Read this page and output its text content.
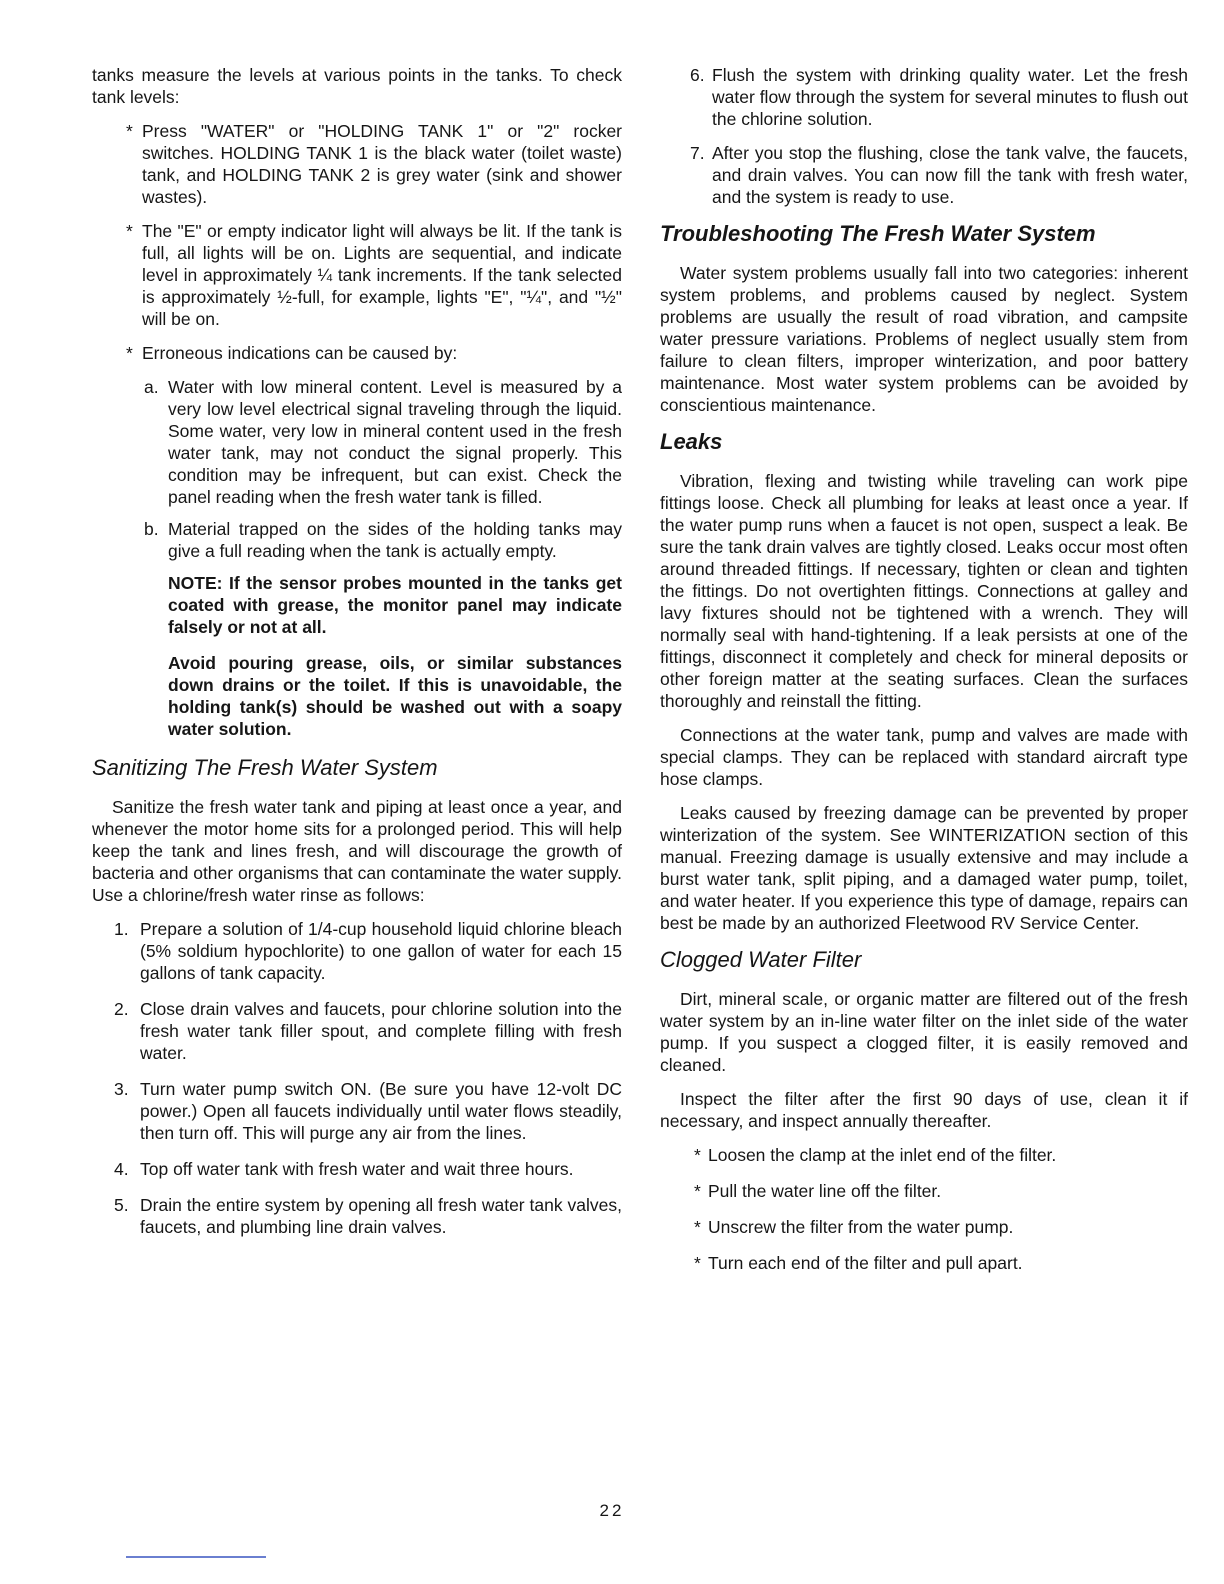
tanks measure the levels at various points in the tanks. To check tank levels:

* Press "WATER" or "HOLDING TANK 1" or "2" rocker switches. HOLDING TANK 1 is the black water (toilet waste) tank, and HOLDING TANK 2 is grey water (sink and shower wastes).
* The "E" or empty indicator light will always be lit. If the tank is full, all lights will be on. Lights are sequential, and indicate level in approximately ¼ tank increments. If the tank selected is approximately ½-full, for example, lights "E", "¼", and "½" will be on.
* Erroneous indications can be caused by:
a. Water with low mineral content. Level is measured by a very low level electrical signal traveling through the liquid. Some water, very low in mineral content used in the fresh water tank, may not conduct the signal properly. This condition may be infrequent, but can exist. Check the panel reading when the fresh water tank is filled.
b. Material trapped on the sides of the holding tanks may give a full reading when the tank is actually empty.

NOTE: If the sensor probes mounted in the tanks get coated with grease, the monitor panel may indicate falsely or not at all.

Avoid pouring grease, oils, or similar substances down drains or the toilet. If this is unavoidable, the holding tank(s) should be washed out with a soapy water solution.

Sanitizing The Fresh Water System

Sanitize the fresh water tank and piping at least once a year, and whenever the motor home sits for a prolonged period. This will help keep the tank and lines fresh, and will discourage the growth of bacteria and other organisms that can contaminate the water supply. Use a chlorine/fresh water rinse as follows:

1. Prepare a solution of 1/4-cup household liquid chlorine bleach (5% soldium hypochlorite) to one gallon of water for each 15 gallons of tank capacity.
2. Close drain valves and faucets, pour chlorine solution into the fresh water tank filler spout, and complete filling with fresh water.
3. Turn water pump switch ON. (Be sure you have 12-volt DC power.) Open all faucets individually until water flows steadily, then turn off. This will purge any air from the lines.
4. Top off water tank with fresh water and wait three hours.
5. Drain the entire system by opening all fresh water tank valves, faucets, and plumbing line drain valves.
6. Flush the system with drinking quality water. Let the fresh water flow through the system for several minutes to flush out the chlorine solution.
7. After you stop the flushing, close the tank valve, the faucets, and drain valves. You can now fill the tank with fresh water, and the system is ready to use.
Troubleshooting The Fresh Water System

Water system problems usually fall into two categories: inherent system problems, and problems caused by neglect. System problems are usually the result of road vibration, and campsite water pressure variations. Problems of neglect usually stem from failure to clean filters, improper winterization, and poor battery maintenance. Most water system problems can be avoided by conscientious maintenance.

Leaks

Vibration, flexing and twisting while traveling can work pipe fittings loose. Check all plumbing for leaks at least once a year. If the water pump runs when a faucet is not open, suspect a leak. Be sure the tank drain valves are tightly closed. Leaks occur most often around threaded fittings. If necessary, tighten or clean and tighten the fittings. Do not overtighten fittings. Connections at galley and lavy fixtures should not be tightened with a wrench. They will normally seal with hand-tightening. If a leak persists at one of the fittings, disconnect it completely and check for mineral deposits or other foreign matter at the seating surfaces. Clean the surfaces thoroughly and reinstall the fitting.

Connections at the water tank, pump and valves are made with special clamps. They can be replaced with standard aircraft type hose clamps.

Leaks caused by freezing damage can be prevented by proper winterization of the system. See WINTERIZATION section of this manual. Freezing damage is usually extensive and may include a burst water tank, split piping, and a damaged water pump, toilet, and water heater. If you experience this type of damage, repairs can best be made by an authorized Fleetwood RV Service Center.

Clogged Water Filter

Dirt, mineral scale, or organic matter are filtered out of the fresh water system by an in-line water filter on the inlet side of the water pump. If you suspect a clogged filter, it is easily removed and cleaned.

Inspect the filter after the first 90 days of use, clean it if necessary, and inspect annually thereafter.

* Loosen the clamp at the inlet end of the filter.
* Pull the water line off the filter.
* Unscrew the filter from the water pump.
* Turn each end of the filter and pull apart.
22
